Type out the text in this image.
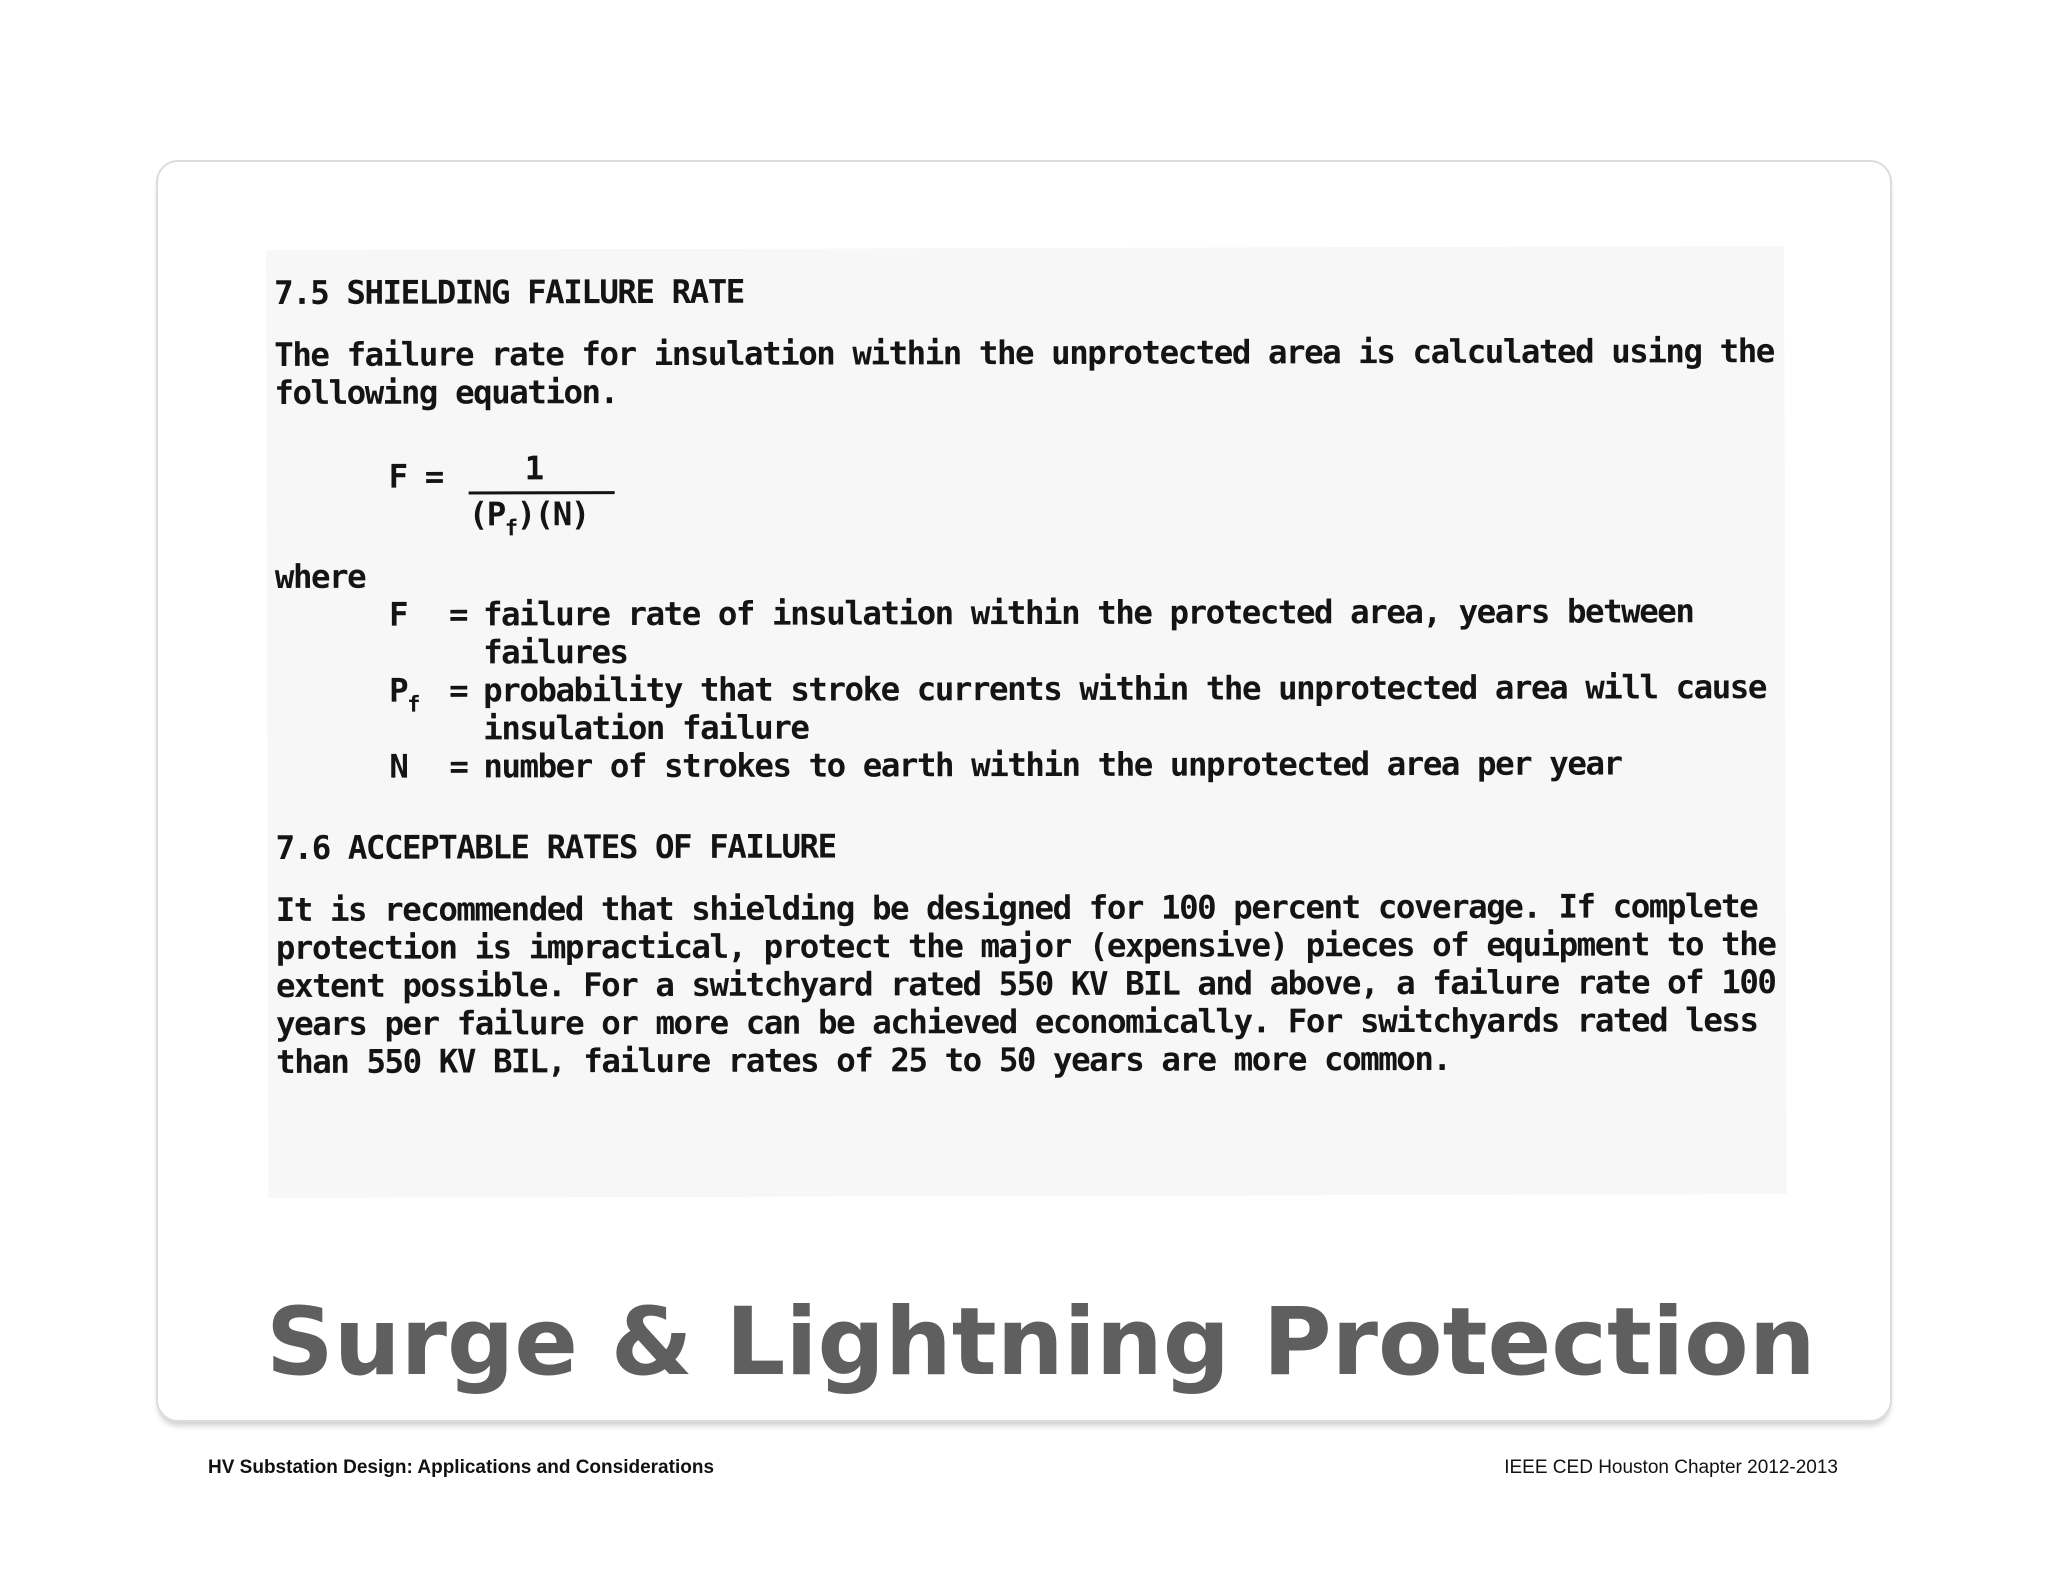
7.5 SHIELDING FAILURE RATE

The failure rate for insulation within the unprotected area is calculated using the following equation.

F =	1
$(P_f)(N)$

where

F	= failure rate of insulation within the protected area, years between failures
$P_f$ = probability that stroke currents within the unprotected area will cause insulation failure
N	= number of strokes to earth within the unprotected area per year

7.6 ACCEPTABLE RATES OF FAILURE

It is recommended that shielding be designed for 100 percent coverage. If complete protection is impractical, protect the major (expensive) pieces of equipment to the extent possible. For a switchyard rated 550 KV BIL and above, a failure rate of 100 years per failure or more can be achieved economically. For switchyards rated less than 550 KV BIL, failure rates of 25 to 50 years are more common.

Surge & Lightning Protection
HV Substation Design: Applications and Considerations	IEEE CED Houston Chapter 2012-2013
